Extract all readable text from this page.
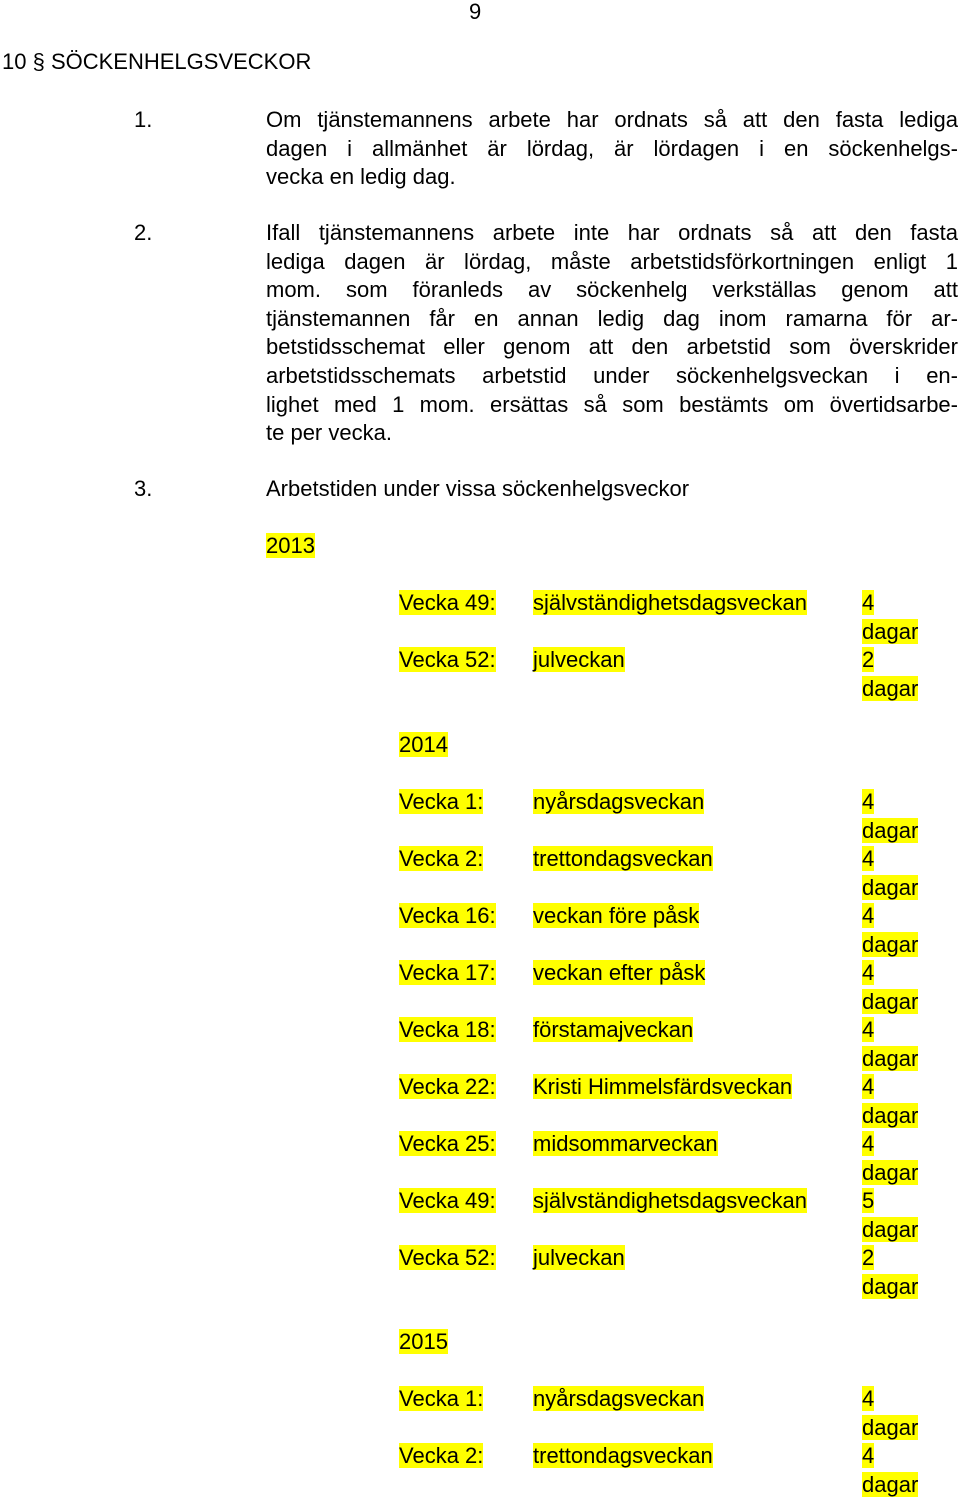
9
10 § SÖCKENHELGSVECKOR
1.	Om tjänstemannens arbete har ordnats så att den fasta lediga
dagen i allmänhet är lördag, är lördagen i en söckenhelgs-
vecka en ledig dag.
2.	Ifall tjänstemannens arbete inte har ordnats så att den fasta
lediga dagen är lördag, måste arbetstidsförkortningen enligt 1
mom. som föranleds av söckenhelg verkställas genom att
tjänstemannen får en annan ledig dag inom ramarna för ar-
betstidsschemat eller genom att den arbetstid som överskrider
arbetstidsschemats arbetstid under söckenhelgsveckan i en-
lighet med 1 mom. ersättas så som bestämts om övertidsarbe-
te per vecka.
3.	Arbetstiden under vissa söckenhelgsveckor
2013
Vecka 49: självständighetsdagsveckan	4
dagar
Vecka 52: julveckan	2
dagar
2014
Vecka 1: nyårsdagsveckan	4
dagar
Vecka 2: trettondagsveckan	4
dagar
Vecka 16: veckan före påsk	4
dagar
Vecka 17: veckan efter påsk	4
dagar
Vecka 18: förstamajveckan	4
dagar
Vecka 22: Kristi Himmelsfärdsveckan	4
dagar
Vecka 25: midsommarveckan	4
dagar
Vecka 49: självständighetsdagsveckan	5
dagar
Vecka 52: julveckan	2
dagar
2015
Vecka 1: nyårsdagsveckan	4
dagar
Vecka 2: trettondagsveckan	4
dagar
